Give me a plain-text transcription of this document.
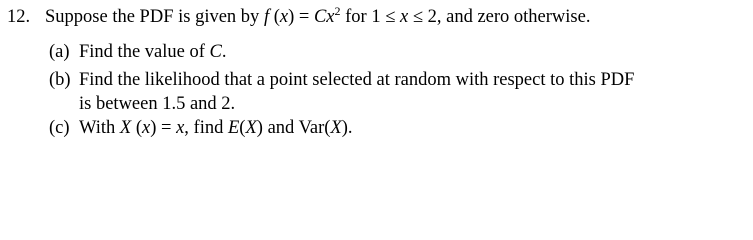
12. Suppose the PDF is given by f $(x) = Cx^2$ for 1 ≤ x ≤ 2, and zero otherwise.
(a) Find the value of C.
(b) Find the likelihood that a point selected at random with respect to this PDF
is between 1.5 and 2.
(c) With X (x) = x, find E(X) and Var(X).
